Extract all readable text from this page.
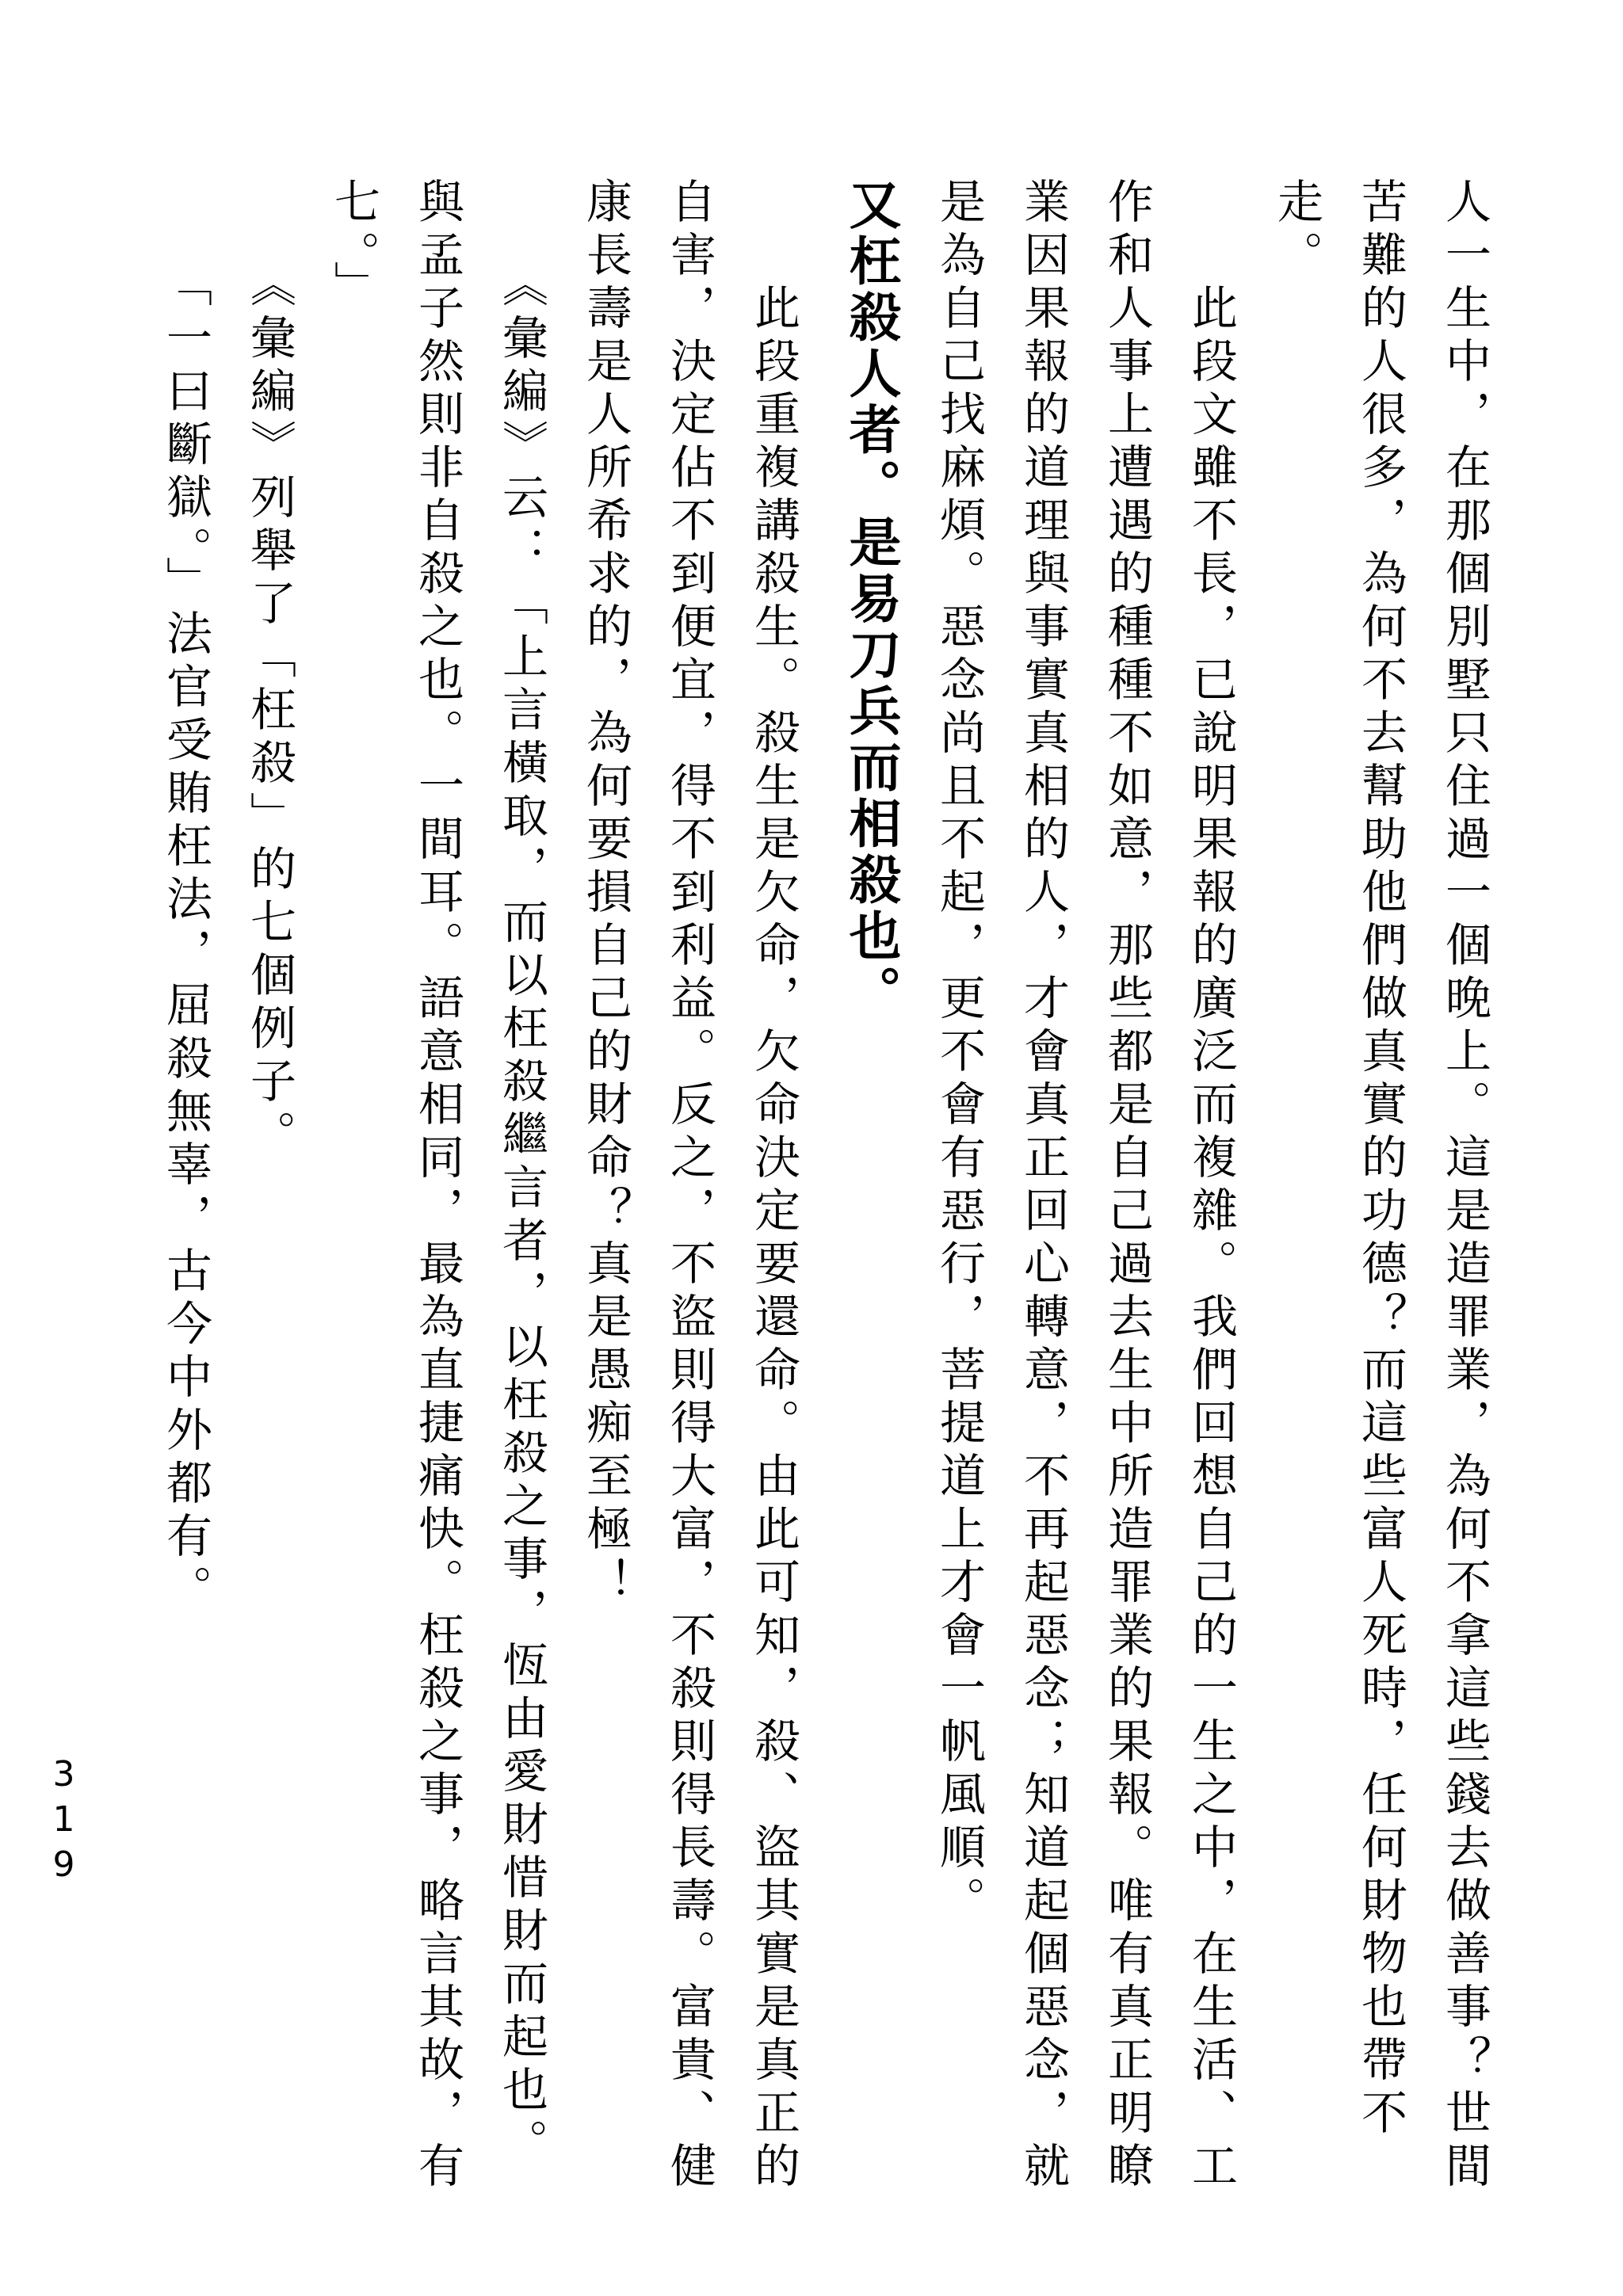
人一生中，在那個別墅只住過一個晚上。這是造罪業，為何不拿這些錢去做善事？世間
苦難的人很多，為何不去幫助他們做真實的功德？而這些富人死時，任何財物也帶不
走。
　　此段文雖不長，已說明果報的廣泛而複雜。我們回想自己的一生之中，在生活、工
作和人事上遭遇的種種不如意，那些都是自己過去生中所造罪業的果報。唯有真正明瞭
業因果報的道理與事實真相的人，才會真正回心轉意，不再起惡念；知道起個惡念，就
是為自己找麻煩。惡念尚且不起，更不會有惡行，菩提道上才會一帆風順。
又枉殺人者。是易刀兵而相殺也。
　　此段重複講殺生。殺生是欠命，欠命決定要還命。由此可知，殺、盜其實是真正的
自害，決定佔不到便宜，得不到利益。反之，不盜則得大富，不殺則得長壽。富貴、健
康長壽是人所希求的，為何要損自己的財命？真是愚痴至極！
　　《彙編》云：「上言橫取，而以枉殺繼言者，以枉殺之事，恆由愛財惜財而起也。
與孟子然則非自殺之也。一間耳。語意相同，最為直捷痛快。枉殺之事，略言其故，有
七。」
　　《彙編》列舉了「枉殺」的七個例子。
　　「一曰斷獄。」法官受賄枉法，屈殺無辜，古今中外都有。
319
